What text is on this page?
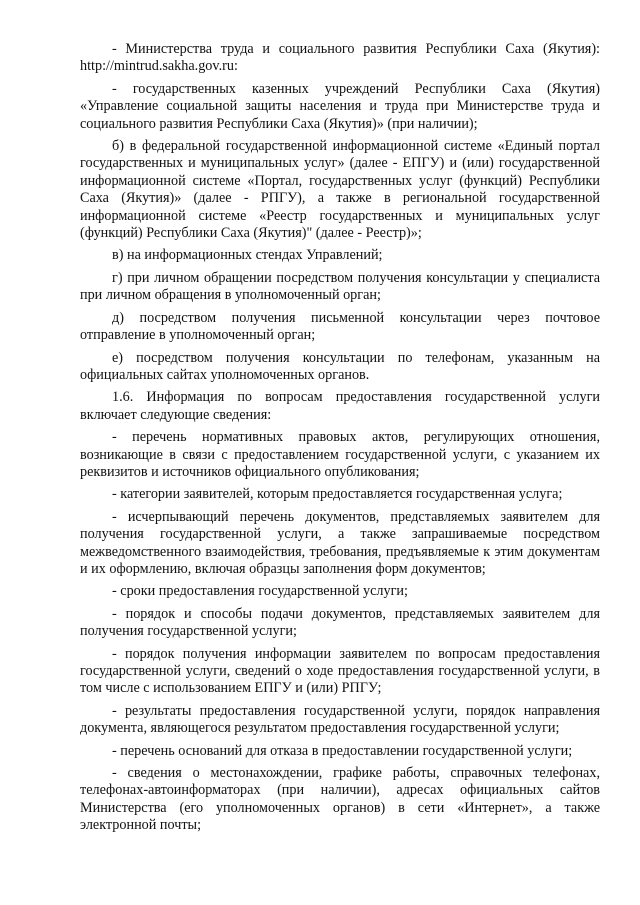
- Министерства труда и социального развития Республики Саха (Якутия): http://mintrud.sakha.gov.ru:

- государственных казенных учреждений Республики Саха (Якутия) «Управление социальной защиты населения и труда при Министерстве труда и социального развития Республики Саха (Якутия)» (при наличии);

б) в федеральной государственной информационной системе «Единый портал государственных и муниципальных услуг» (далее - ЕПГУ) и (или) государственной информационной системе «Портал, государственных услуг (функций) Республики Саха (Якутия)» (далее - РПГУ), а также в региональной государственной информационной системе «Реестр государственных и муниципальных услуг (функций) Республики Саха (Якутия)" (далее - Реестр)»;

в) на информационных стендах Управлений;

г) при личном обращении посредством получения консультации у специалиста при личном обращения в уполномоченный орган;

д) посредством получения письменной консультации через почтовое отправление в уполномоченный орган;

е) посредством получения консультации по телефонам, указанным на официальных сайтах уполномоченных органов.

1.6. Информация по вопросам предоставления государственной услуги включает следующие сведения:

- перечень нормативных правовых актов, регулирующих отношения, возникающие в связи с предоставлением государственной услуги, с указанием их реквизитов и источников официального опубликования;

- категории заявителей, которым предоставляется государственная услуга;

- исчерпывающий перечень документов, представляемых заявителем для получения государственной услуги, а также запрашиваемые посредством межведомственного взаимодействия, требования, предъявляемые к этим документам и их оформлению, включая образцы заполнения форм документов;

- сроки предоставления государственной услуги;

- порядок и способы подачи документов, представляемых заявителем для получения государственной услуги;

- порядок получения информации заявителем по вопросам предоставления государственной услуги, сведений о ходе предоставления государственной услуги, в том числе с использованием ЕПГУ и (или) РПГУ;

- результаты предоставления государственной услуги, порядок направления документа, являющегося результатом предоставления государственной услуги;

- перечень оснований для отказа в предоставлении государственной услуги;

- сведения о местонахождении, графике работы, справочных телефонах, телефонах-автоинформаторах (при наличии), адресах официальных сайтов Министерства (его уполномоченных органов) в сети «Интернет», а также электронной почты;
